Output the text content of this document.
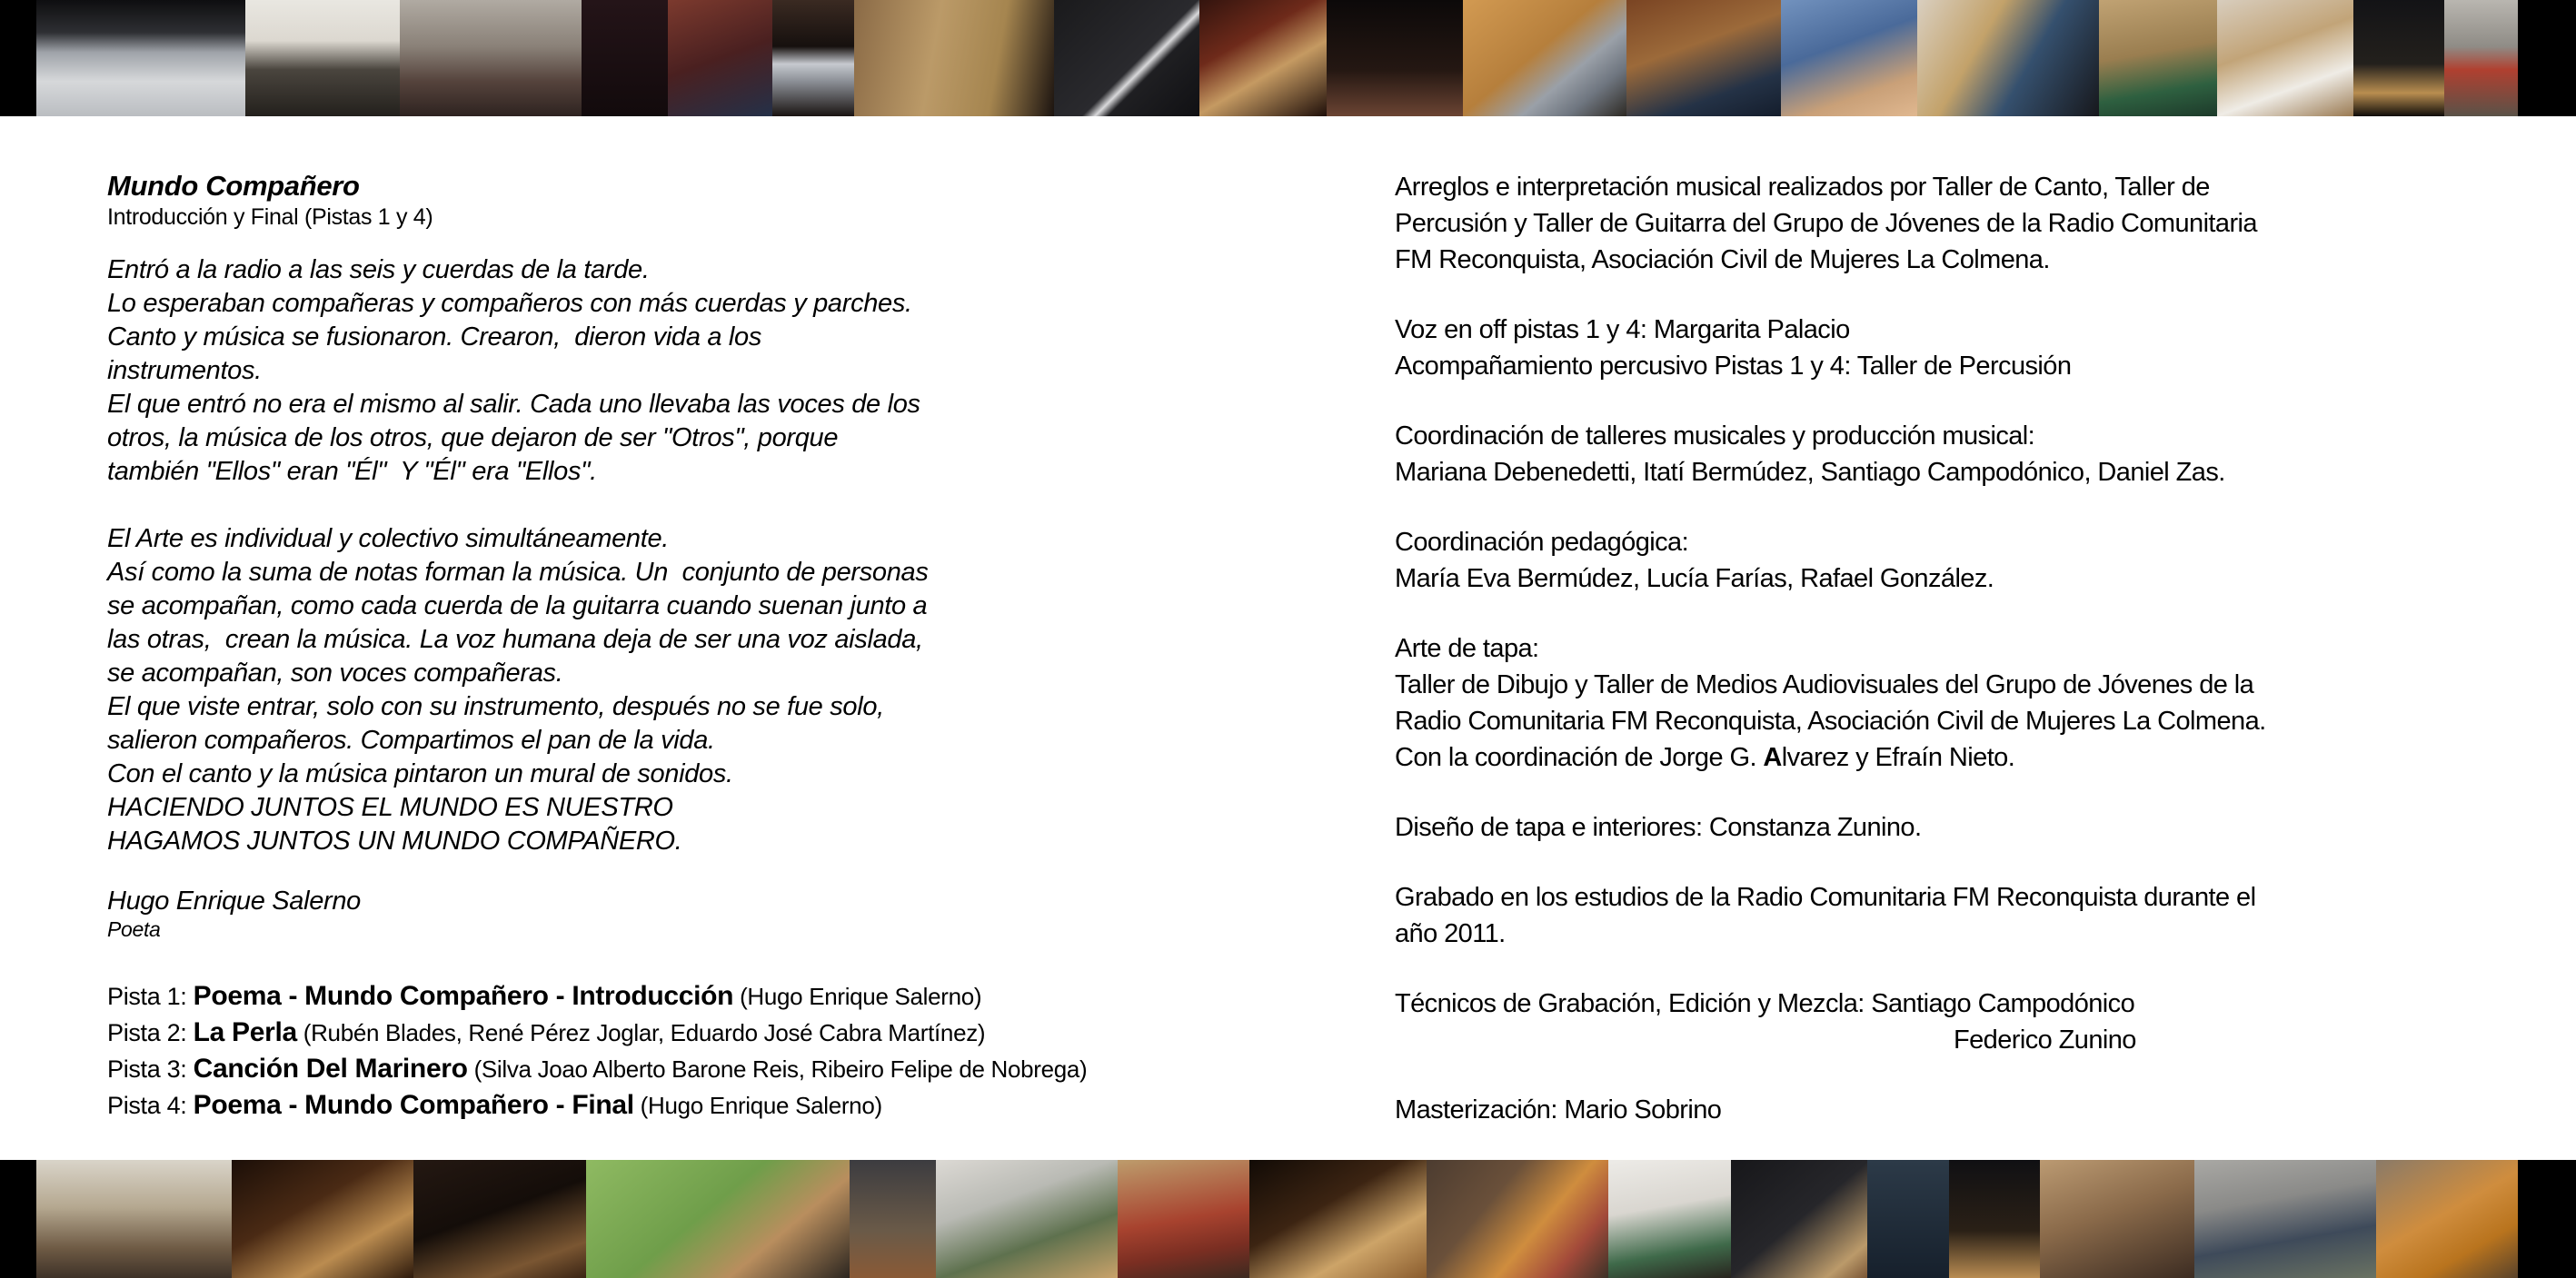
Mundo Compañero
Introducción y Final (Pistas 1 y 4)
Entró a la radio a las seis y cuerdas de la tarde.
Lo esperaban compañeras y compañeros con más cuerdas y parches.
Canto y música se fusionaron. Crearon,  dieron vida a los
instrumentos.
El que entró no era el mismo al salir. Cada uno llevaba las voces de los
otros, la música de los otros, que dejaron de ser "Otros", porque
también "Ellos" eran "Él"  Y "Él" era "Ellos".
El Arte es individual y colectivo simultáneamente.
Así como la suma de notas forman la música. Un  conjunto de personas
se acompañan, como cada cuerda de la guitarra cuando suenan junto a
las otras,  crean la música. La voz humana deja de ser una voz aislada,
se acompañan, son voces compañeras.
El que viste entrar, solo con su instrumento, después no se fue solo,
salieron compañeros. Compartimos el pan de la vida.
Con el canto y la música pintaron un mural de sonidos.
HACIENDO JUNTOS EL MUNDO ES NUESTRO
HAGAMOS JUNTOS UN MUNDO COMPAÑERO.
Hugo Enrique Salerno
Poeta
Pista 1: Poema - Mundo Compañero - Introducción (Hugo Enrique Salerno)
Pista 2: La Perla (Rubén Blades, René Pérez Joglar, Eduardo José Cabra Martínez)
Pista 3: Canción Del Marinero (Silva Joao Alberto Barone Reis, Ribeiro Felipe de Nobrega)
Pista 4: Poema - Mundo Compañero - Final (Hugo Enrique Salerno)
Arreglos e interpretación musical realizados por Taller de Canto, Taller de
Percusión y Taller de Guitarra del Grupo de Jóvenes de la Radio Comunitaria
FM Reconquista, Asociación Civil de Mujeres La Colmena.
Voz en off pistas 1 y 4: Margarita Palacio
Acompañamiento percusivo Pistas 1 y 4: Taller de Percusión
Coordinación de talleres musicales y producción musical:
Mariana Debenedetti, Itatí Bermúdez, Santiago Campodónico, Daniel Zas.
Coordinación pedagógica:
María Eva Bermúdez, Lucía Farías, Rafael González.
Arte de tapa:
Taller de Dibujo y Taller de Medios Audiovisuales del Grupo de Jóvenes de la
Radio Comunitaria FM Reconquista, Asociación Civil de Mujeres La Colmena.
Con la coordinación de Jorge G. Alvarez y Efraín Nieto.
Diseño de tapa e interiores: Constanza Zunino.
Grabado en los estudios de la Radio Comunitaria FM Reconquista durante el
año 2011.
Técnicos de Grabación, Edición y Mezcla: Santiago Campodónico
Federico Zunino
Masterización: Mario Sobrino
